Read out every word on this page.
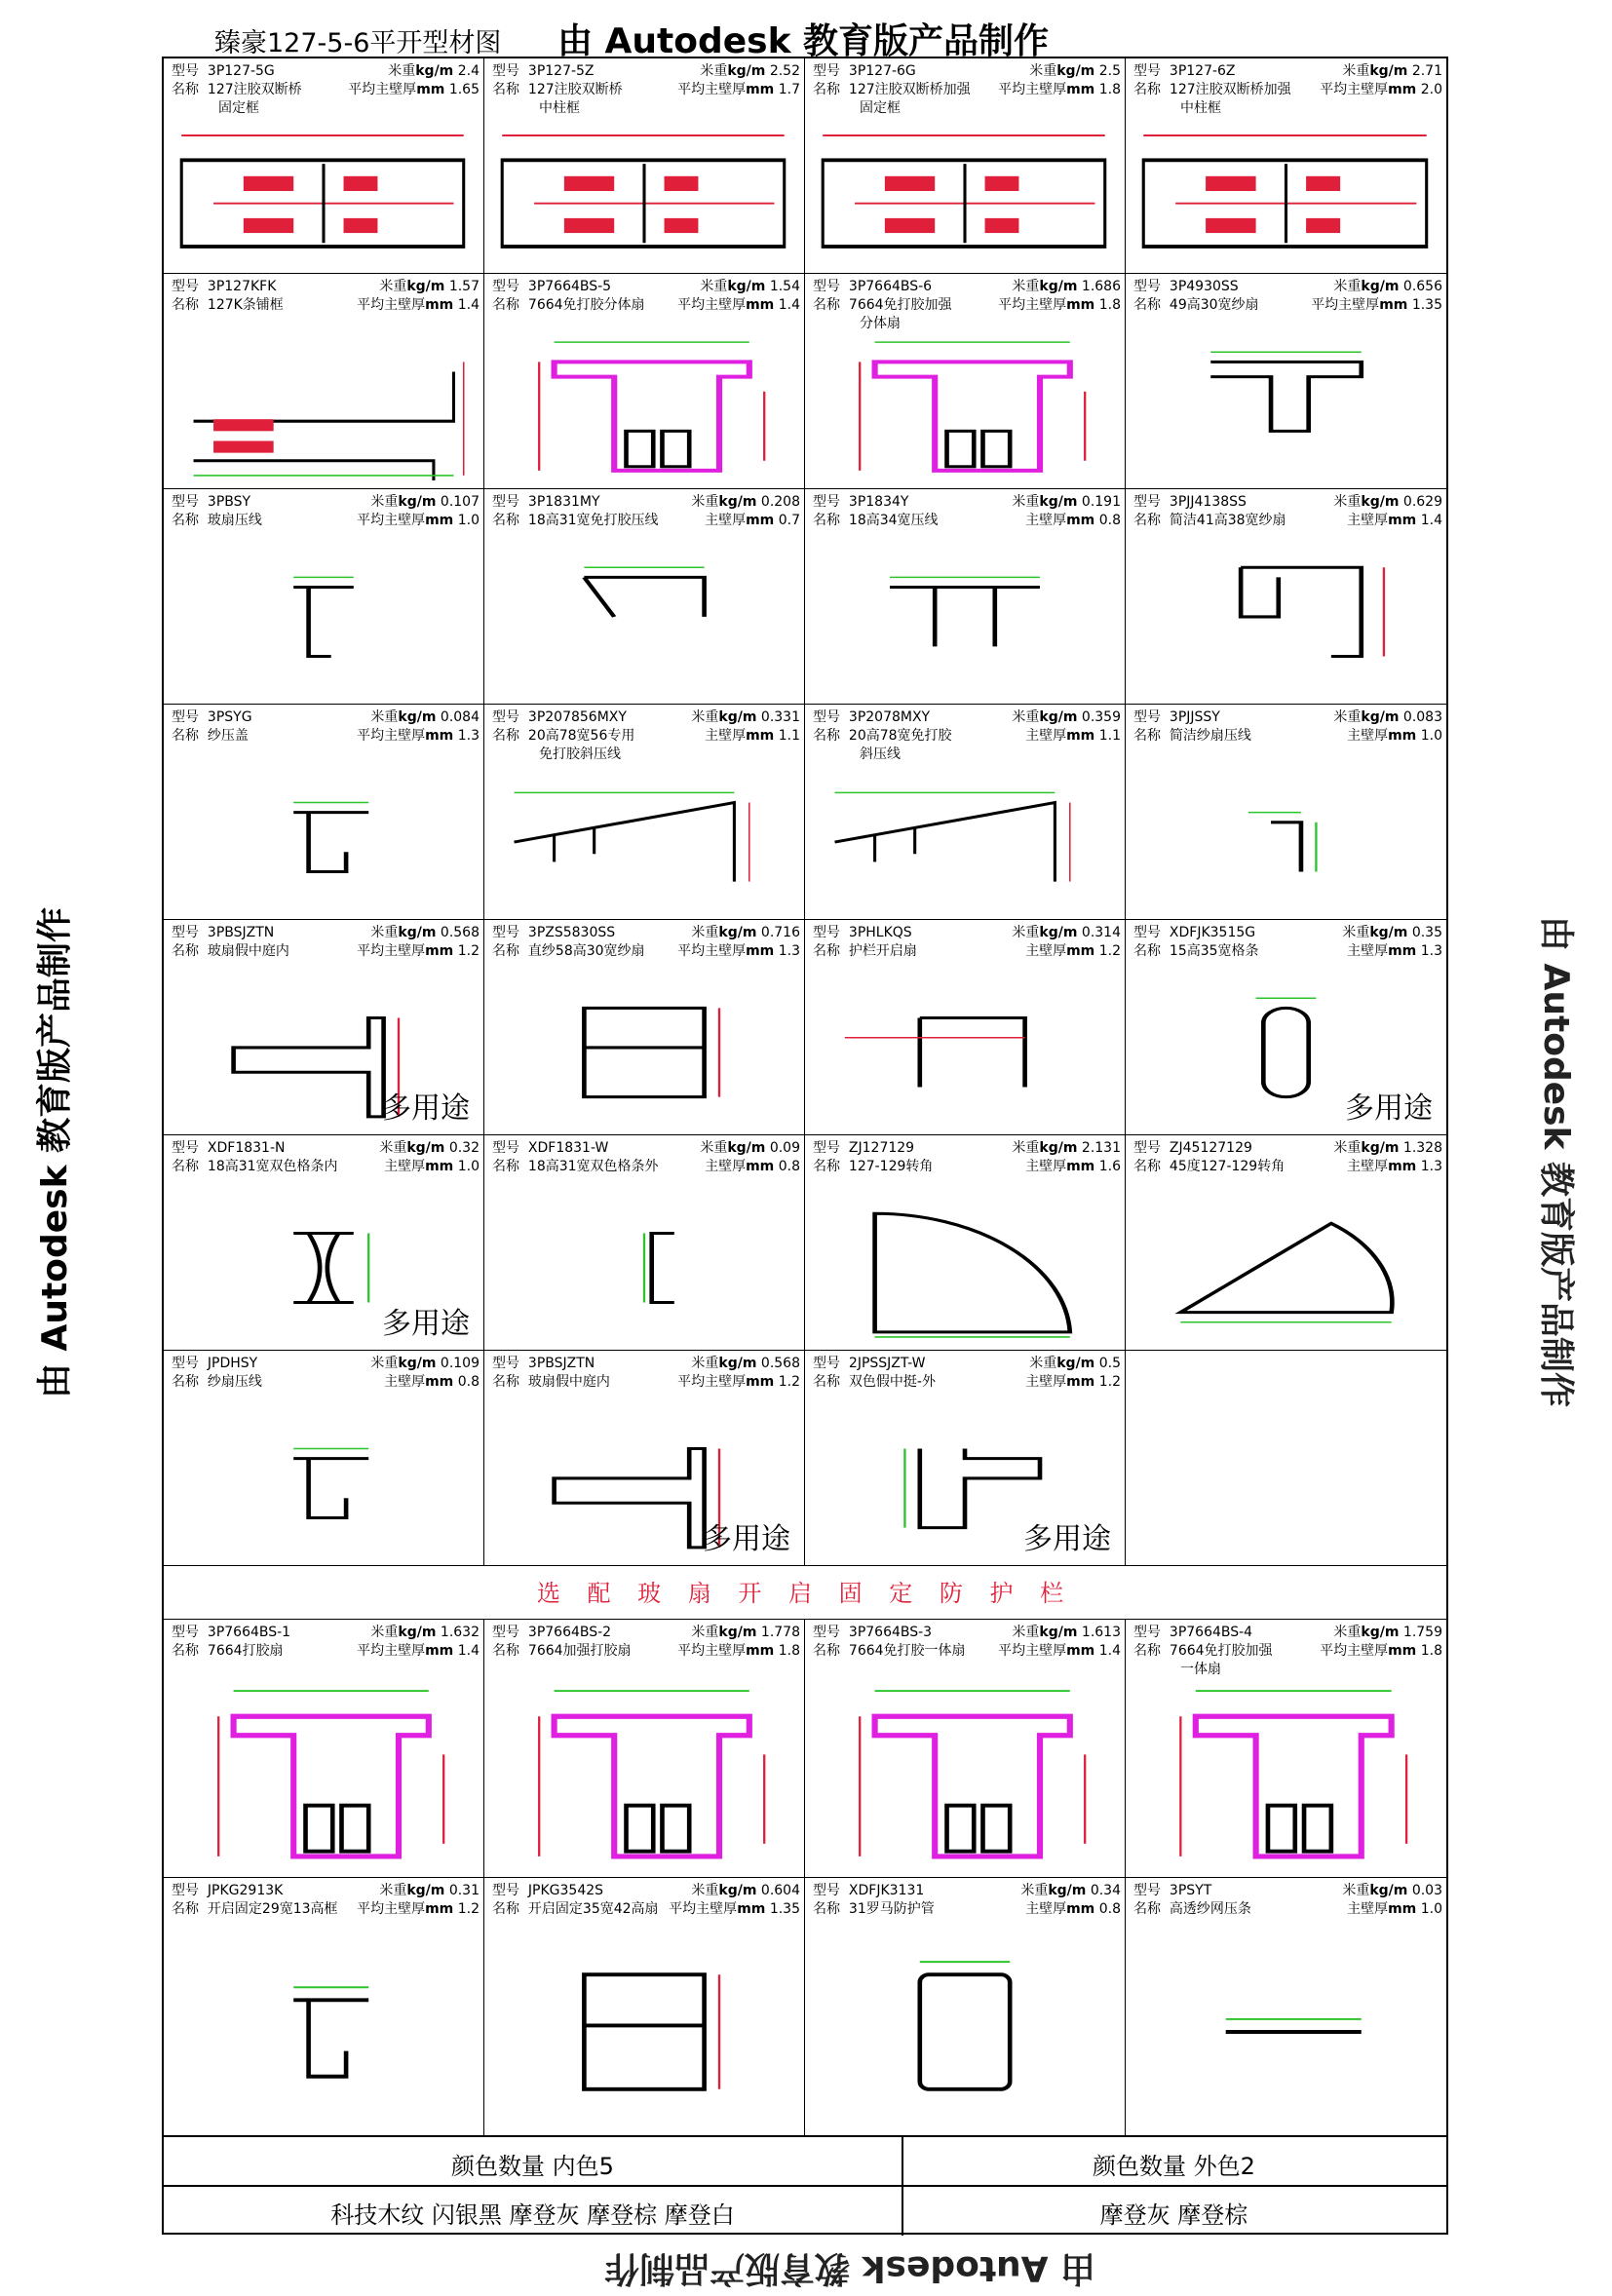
臻豪127-5-6平开型材图 由 Autodesk 教育版产品制作
由 Autodesk 教育版产品制作	由 Autodesk 教育版产品制作
由 Autodesk 教育版产品制作
型号 3P127-5G	米重kg/m 2.4
名称 127注胶双断桥	平均主壁厚mm 1.65
固定框
型号 3P127-5Z	米重kg/m 2.52
名称 127注胶双断桥	平均主壁厚mm 1.7
中柱框
型号 3P127-6G	米重kg/m 2.5
名称 127注胶双断桥加强 平均主壁厚mm 1.8
固定框
型号 3P127-6Z	米重kg/m 2.71
名称 127注胶双断桥加强 平均主壁厚mm 2.0
中柱框
型号 3P127KFK	米重kg/m 1.57
名称 127K条铺框	平均主壁厚mm 1.4
型号 3P7664BS-5	米重kg/m 1.54
名称 7664免打胶分体扇 平均主壁厚mm 1.4
型号 3P7664BS-6	米重kg/m 1.686
名称 7664免打胶加强	平均主壁厚mm 1.8
分体扇
型号 3P4930SS	米重kg/m 0.656
名称 49高30宽纱扇	平均主壁厚mm 1.35
型号 3PBSY	米重kg/m 0.107
名称 玻扇压线	平均主壁厚mm 1.0
型号 3P1831MY	米重kg/m 0.208
名称 18高31宽免打胶压线	主壁厚mm 0.7
型号 3P1834Y	米重kg/m 0.191
名称 18高34宽压线	主壁厚mm 0.8
型号 3PJJ4138SS	米重kg/m 0.629
名称 简洁41高38宽纱扇	主壁厚mm 1.4
型号 3PSYG	米重kg/m 0.084
名称 纱压盖	平均主壁厚mm 1.3
型号 3P207856MXY	米重kg/m 0.331
名称 20高78宽56专用	主壁厚mm 1.1
免打胶斜压线
型号 3P2078MXY	米重kg/m 0.359
名称 20高78宽免打胶	主壁厚mm 1.1
斜压线
型号 3PJJSSY	米重kg/m 0.083
名称 简洁纱扇压线	主壁厚mm 1.0
型号 3PBSJZTN	米重kg/m 0.568
名称 玻扇假中庭内	平均主壁厚mm 1.2
多用途
型号 3PZS5830SS	米重kg/m 0.716
名称 直纱58高30宽纱扇 平均主壁厚mm 1.3
型号 3PHLKQS	米重kg/m 0.314
名称 护栏开启扇	主壁厚mm 1.2
型号 XDFJK3515G	米重kg/m 0.35
名称 15高35宽格条	主壁厚mm 1.3
多用途
型号 XDF1831-N	米重kg/m 0.32
名称 18高31宽双色格条内	主壁厚mm 1.0
多用途
型号 XDF1831-W	米重kg/m 0.09
名称 18高31宽双色格条外	主壁厚mm 0.8
型号 ZJ127129	米重kg/m 2.131
名称 127-129转角	主壁厚mm 1.6
型号 ZJ45127129	米重kg/m 1.328
名称 45度127-129转角	主壁厚mm 1.3
型号 JPDHSY	米重kg/m 0.109
名称 纱扇压线	主壁厚mm 0.8
型号 3PBSJZTN	米重kg/m 0.568
名称 玻扇假中庭内	平均主壁厚mm 1.2
多用途
型号 2JPSSJZT-W	米重kg/m 0.5
名称 双色假中挺-外	主壁厚mm 1.2
多用途
选 配 玻 扇 开 启 固 定 防 护 栏
型号 3P7664BS-1	米重kg/m 1.632
名称 7664打胶扇	平均主壁厚mm 1.4
型号 3P7664BS-2	米重kg/m 1.778
名称 7664加强打胶扇	平均主壁厚mm 1.8
型号 3P7664BS-3	米重kg/m 1.613
名称 7664免打胶一体扇 平均主壁厚mm 1.4
型号 3P7664BS-4	米重kg/m 1.759
名称 7664免打胶加强	平均主壁厚mm 1.8
一体扇
型号 JPKG2913K	米重kg/m 0.31
名称 开启固定29宽13高框 平均主壁厚mm 1.2
型号 JPKG3542S	米重kg/m 0.604
名称 开启固定35宽42高扇 平均主壁厚mm 1.35
型号 XDFJK3131	米重kg/m 0.34
名称 31罗马防护管	主壁厚mm 0.8
型号 3PSYT	米重kg/m 0.03
名称 高透纱网压条	主壁厚mm 1.0
颜色数量 内色5	颜色数量 外色2
科技木纹 闪银黑 摩登灰 摩登棕 摩登白	摩登灰 摩登棕
